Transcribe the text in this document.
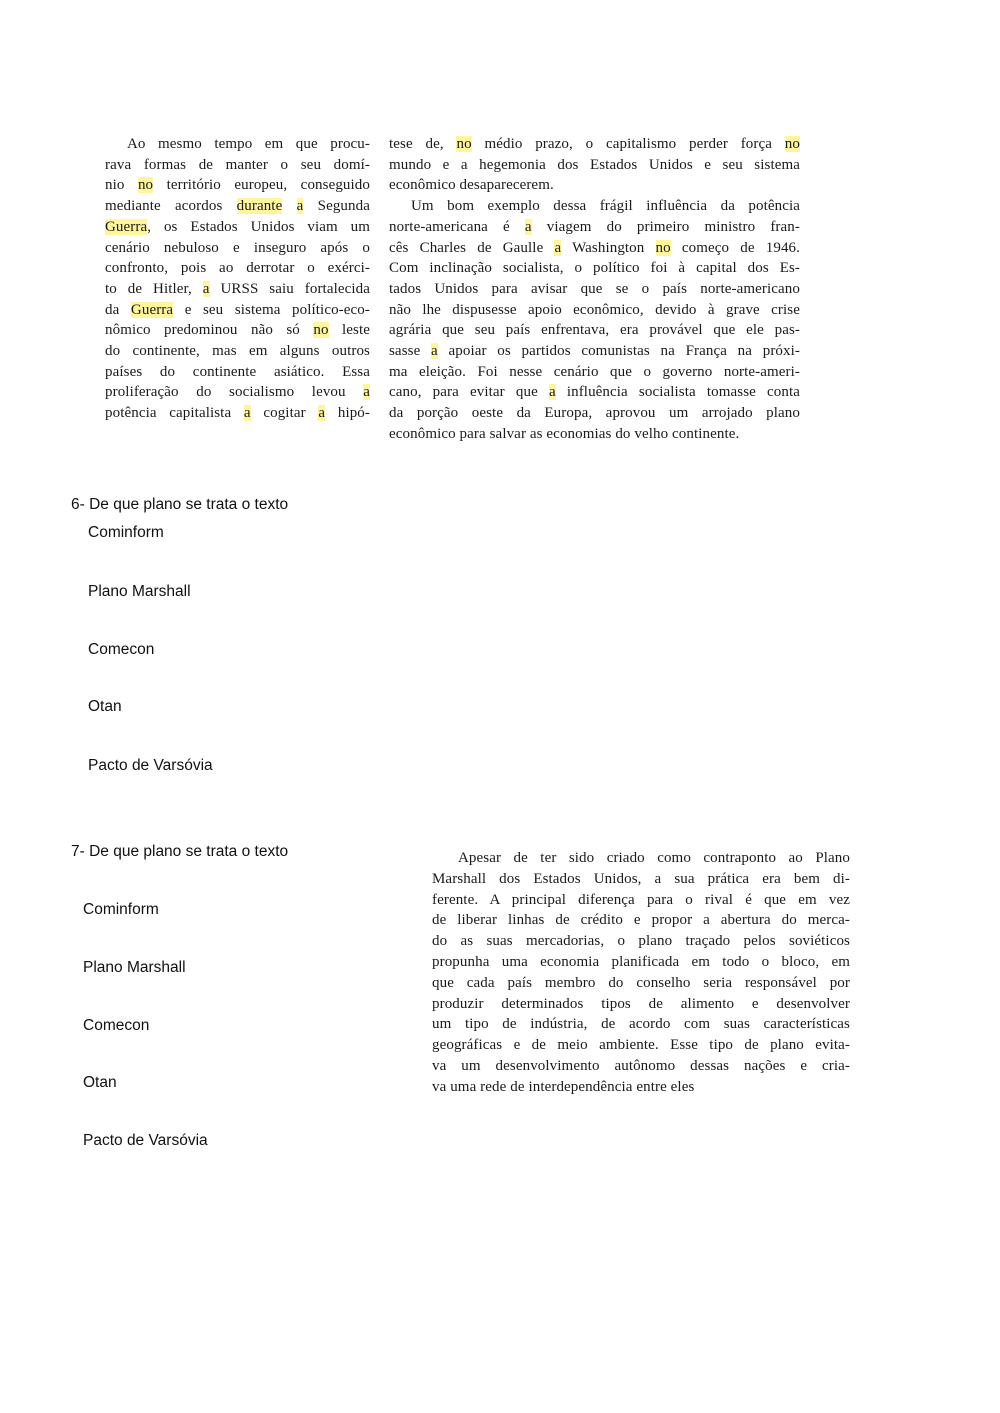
Ao mesmo tempo em que procu-
rava formas de manter o seu domí-
nio no território europeu, conseguido
mediante acordos durante a Segunda
Guerra, os Estados Unidos viam um
cenário nebuloso e inseguro após o
confronto, pois ao derrotar o exérci-
to de Hitler, a URSS saiu fortalecida
da Guerra e seu sistema político-eco-
nômico predominou não só no leste
do continente, mas em alguns outros
países do continente asiático. Essa
proliferação do socialismo levou a
potência capitalista a cogitar a hipó-
tese de, no médio prazo, o capitalismo perder força no
mundo e a hegemonia dos Estados Unidos e seu sistema
econômico desaparecerem.
Um bom exemplo dessa frágil influência da potência
norte-americana é a viagem do primeiro ministro fran-
cês Charles de Gaulle a Washington no começo de 1946.
Com inclinação socialista, o político foi à capital dos Es-
tados Unidos para avisar que se o país norte-americano
não lhe dispusesse apoio econômico, devido à grave crise
agrária que seu país enfrentava, era provável que ele pas-
sasse a apoiar os partidos comunistas na França na próxi-
ma eleição. Foi nesse cenário que o governo norte-ameri-
cano, para evitar que a influência socialista tomasse conta
da porção oeste da Europa, aprovou um arrojado plano
econômico para salvar as economias do velho continente.
6- De que plano se trata o texto
Cominform
Plano Marshall
Comecon
Otan
Pacto de Varsóvia
7- De que plano se trata o texto
Cominform
Plano Marshall
Comecon
Otan
Pacto de Varsóvia
Apesar de ter sido criado como contraponto ao Plano
Marshall dos Estados Unidos, a sua prática era bem di-
ferente. A principal diferença para o rival é que em vez
de liberar linhas de crédito e propor a abertura do merca-
do as suas mercadorias, o plano traçado pelos soviéticos
propunha uma economia planificada em todo o bloco, em
que cada país membro do conselho seria responsável por
produzir determinados tipos de alimento e desenvolver
um tipo de indústria, de acordo com suas características
geográficas e de meio ambiente. Esse tipo de plano evita-
va um desenvolvimento autônomo dessas nações e cria-
va uma rede de interdependência entre eles
